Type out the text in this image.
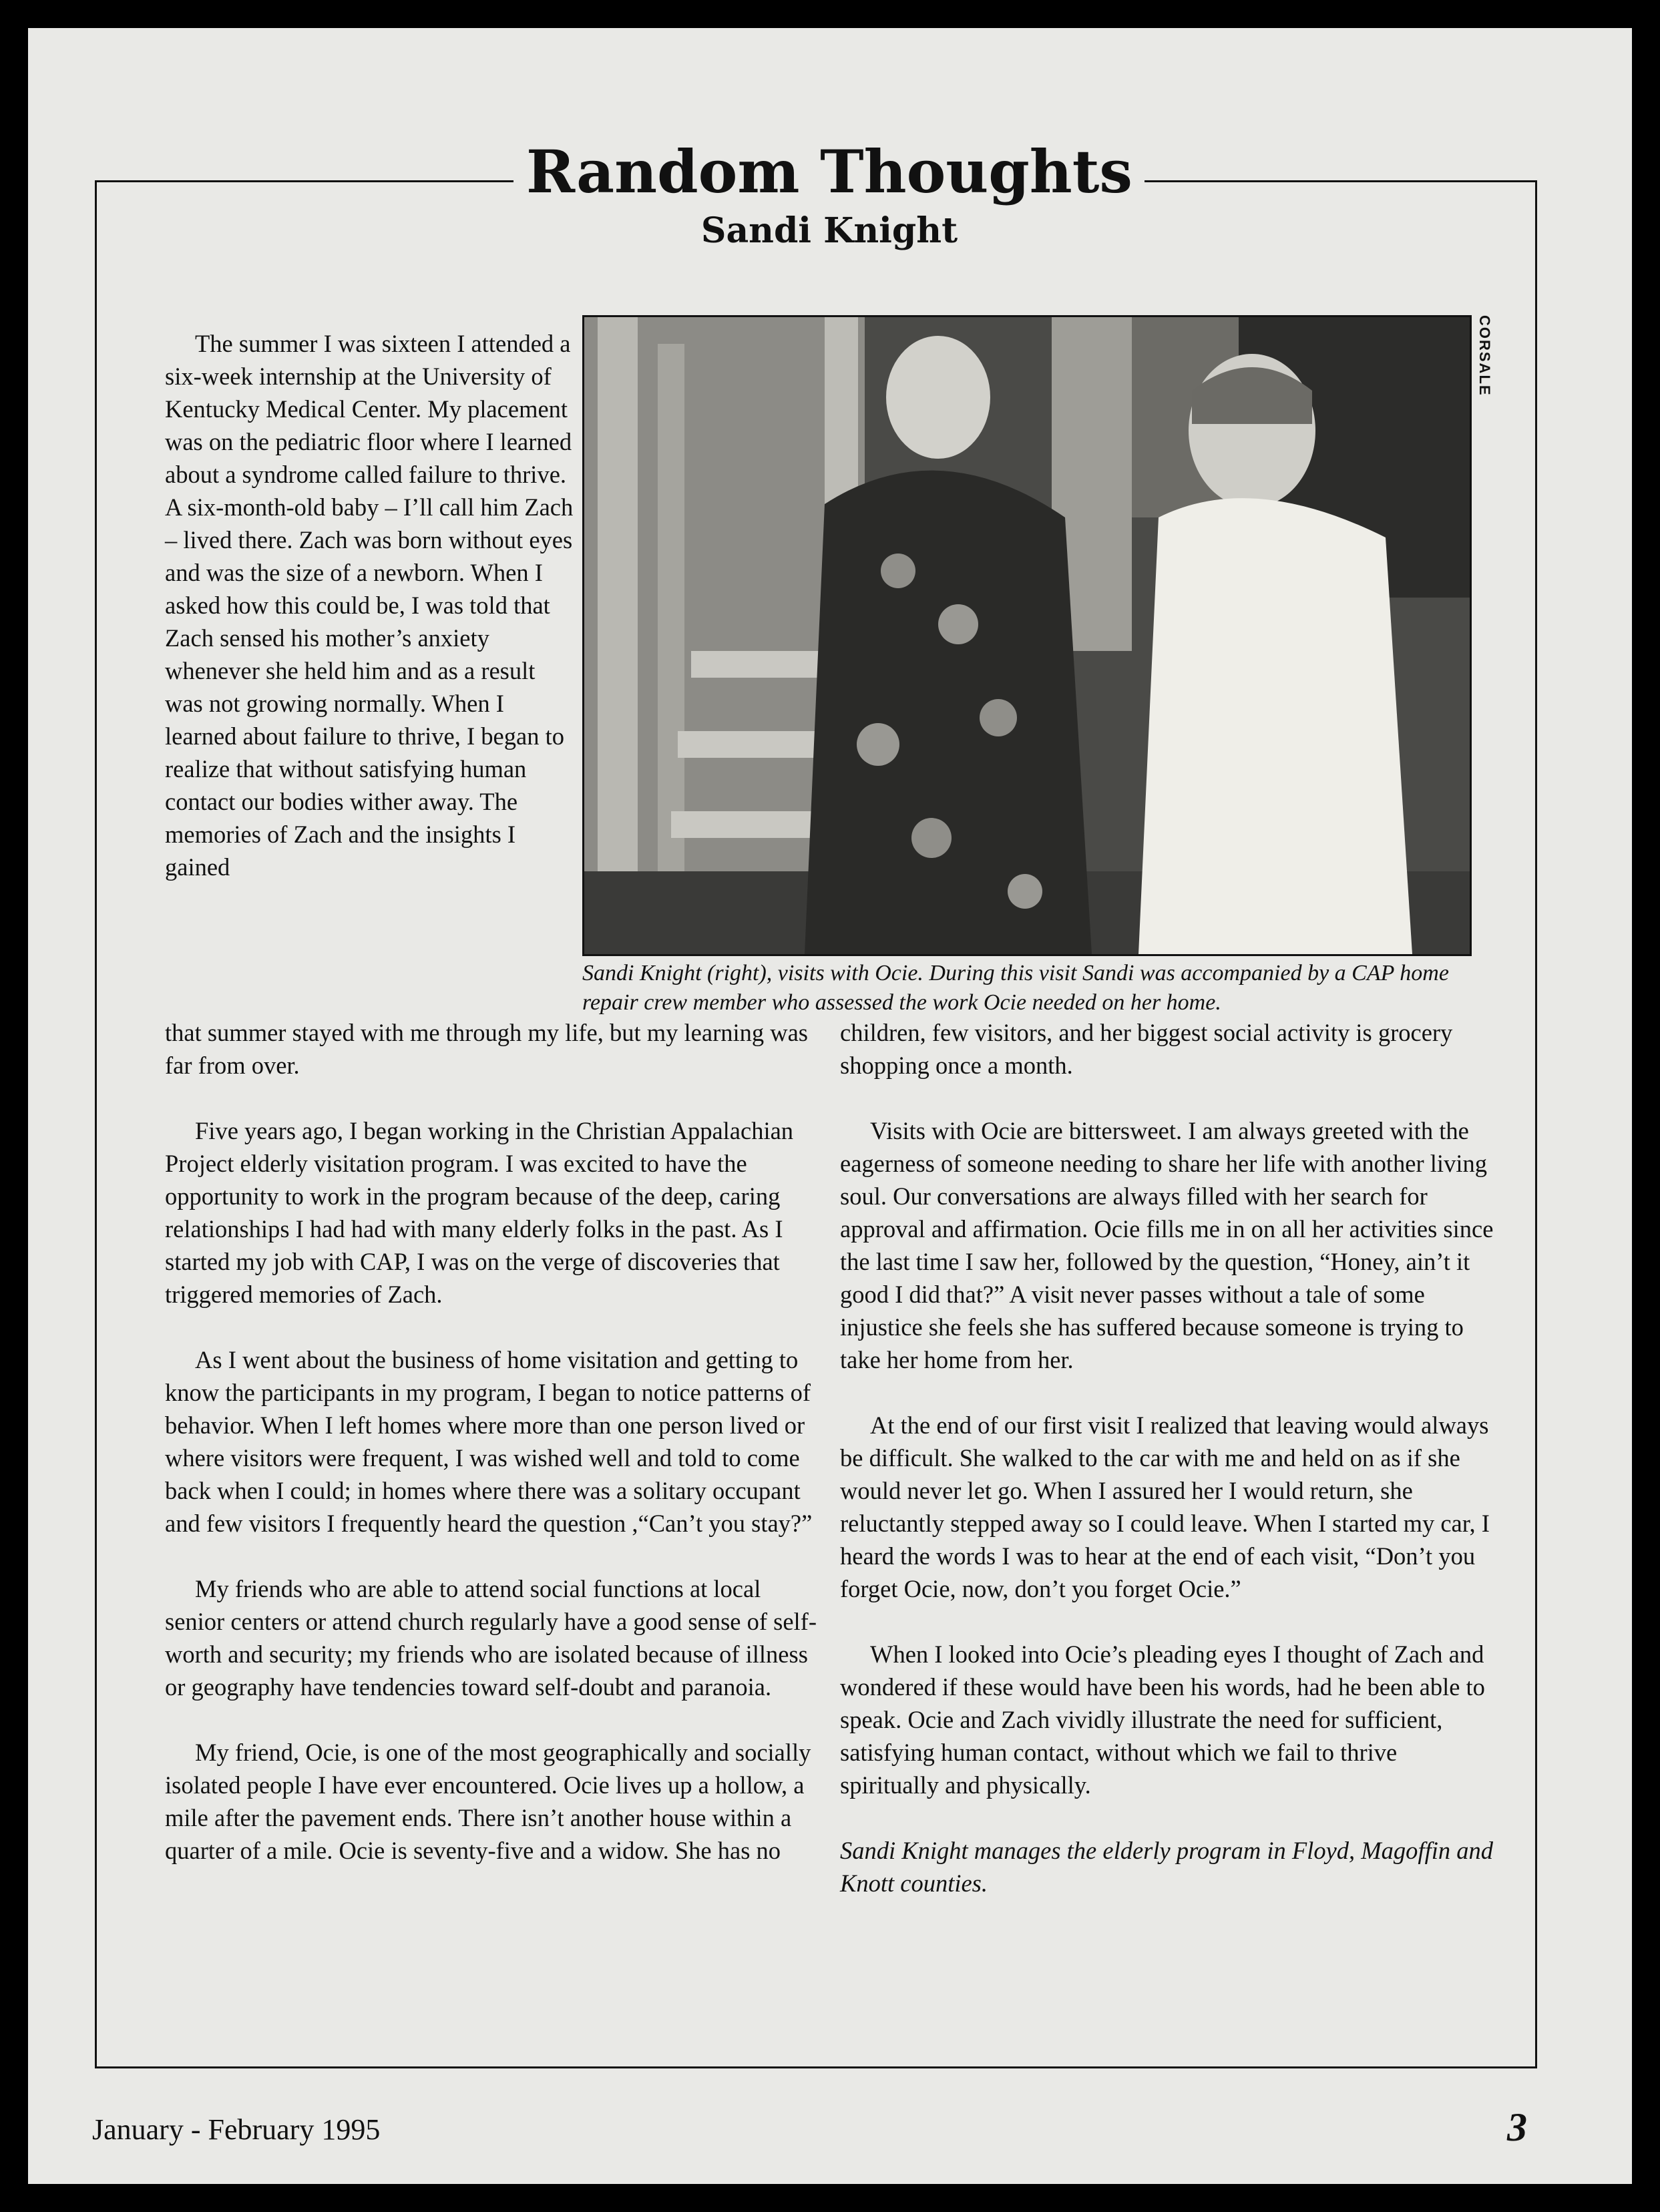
Random Thoughts
Sandi Knight

The summer I was sixteen I attended a six-week internship at the University of Kentucky Medical Center. My placement was on the pediatric floor where I learned about a syndrome called failure to thrive. A six-month-old baby – I’ll call him Zach – lived there. Zach was born without eyes and was the size of a newborn. When I asked how this could be, I was told that Zach sensed his mother’s anxiety whenever she held him and as a result was not growing normally. When I learned about failure to thrive, I began to realize that without satisfying human contact our bodies wither away. The memories of Zach and the insights I gained

CORSALE
Sandi Knight (right), visits with Ocie. During this visit Sandi was accompanied by a CAP home repair crew member who assessed the work Ocie needed on her home.

that summer stayed with me through my life, but my learning was far from over.

Five years ago, I began working in the Christian Appalachian Project elderly visitation program. I was excited to have the opportunity to work in the program because of the deep, caring relationships I had had with many elderly folks in the past. As I started my job with CAP, I was on the verge of discoveries that triggered memories of Zach.

As I went about the business of home visitation and getting to know the participants in my program, I began to notice patterns of behavior. When I left homes where more than one person lived or where visitors were frequent, I was wished well and told to come back when I could; in homes where there was a solitary occupant and few visitors I frequently heard the question ,“Can’t you stay?”

My friends who are able to attend social functions at local senior centers or attend church regularly have a good sense of self-worth and security; my friends who are isolated because of illness or geography have tendencies toward self-doubt and paranoia.

My friend, Ocie, is one of the most geographically and socially isolated people I have ever encountered. Ocie lives up a hollow, a mile after the pavement ends. There isn’t another house within a quarter of a mile. Ocie is seventy-five and a widow. She has no

children, few visitors, and her biggest social activity is grocery shopping once a month.

Visits with Ocie are bittersweet. I am always greeted with the eagerness of someone needing to share her life with another living soul. Our conversations are always filled with her search for approval and affirmation. Ocie fills me in on all her activities since the last time I saw her, followed by the question, “Honey, ain’t it good I did that?” A visit never passes without a tale of some injustice she feels she has suffered because someone is trying to take her home from her.

At the end of our first visit I realized that leaving would always be difficult. She walked to the car with me and held on as if she would never let go. When I assured her I would return, she reluctantly stepped away so I could leave. When I started my car, I heard the words I was to hear at the end of each visit, “Don’t you forget Ocie, now, don’t you forget Ocie.”

When I looked into Ocie’s pleading eyes I thought of Zach and wondered if these would have been his words, had he been able to speak. Ocie and Zach vividly illustrate the need for sufficient, satisfying human contact, without which we fail to thrive spiritually and physically.

Sandi Knight manages the elderly program in Floyd, Magoffin and Knott counties.

January - February 1995	3
